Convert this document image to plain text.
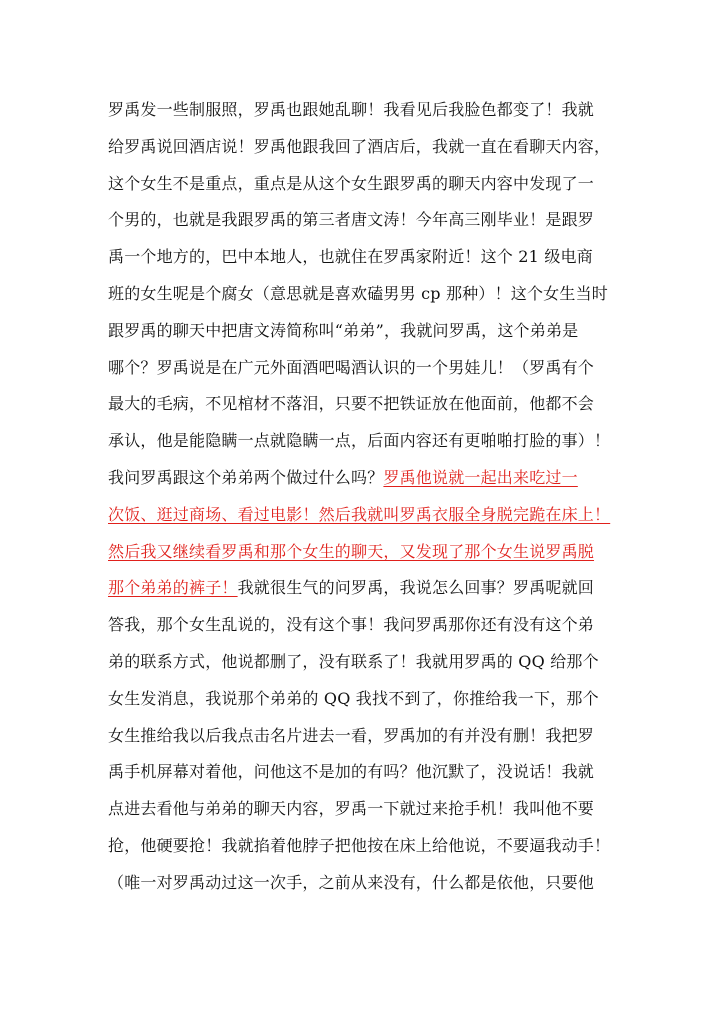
罗禹发一些制服照，罗禹也跟她乱聊！我看见后我脸色都变了！我就
给罗禹说回酒店说！罗禹他跟我回了酒店后，我就一直在看聊天内容，
这个女生不是重点，重点是从这个女生跟罗禹的聊天内容中发现了一
个男的，也就是我跟罗禹的第三者唐文涛！今年高三刚毕业！是跟罗
禹一个地方的，巴中本地人，也就住在罗禹家附近！这个 21 级电商
班的女生呢是个腐女（意思就是喜欢磕男男 cp 那种）！这个女生当时
跟罗禹的聊天中把唐文涛简称叫“弟弟”，我就问罗禹，这个弟弟是
哪个？罗禹说是在广元外面酒吧喝酒认识的一个男娃儿！（罗禹有个
最大的毛病，不见棺材不落泪，只要不把铁证放在他面前，他都不会
承认，他是能隐瞒一点就隐瞒一点，后面内容还有更啪啪打脸的事）！
我问罗禹跟这个弟弟两个做过什么吗？罗禹他说就一起出来吃过一
次饭、逛过商场、看过电影！然后我就叫罗禹衣服全身脱完跪在床上！
然后我又继续看罗禹和那个女生的聊天，又发现了那个女生说罗禹脱
那个弟弟的裤子！我就很生气的问罗禹，我说怎么回事？罗禹呢就回
答我，那个女生乱说的，没有这个事！我问罗禹那你还有没有这个弟
弟的联系方式，他说都删了，没有联系了！我就用罗禹的 QQ 给那个
女生发消息，我说那个弟弟的 QQ 我找不到了，你推给我一下，那个
女生推给我以后我点击名片进去一看，罗禹加的有并没有删！我把罗
禹手机屏幕对着他，问他这不是加的有吗？他沉默了，没说话！我就
点进去看他与弟弟的聊天内容，罗禹一下就过来抢手机！我叫他不要
抢，他硬要抢！我就掐着他脖子把他按在床上给他说，不要逼我动手！
（唯一对罗禹动过这一次手，之前从来没有，什么都是依他，只要他
